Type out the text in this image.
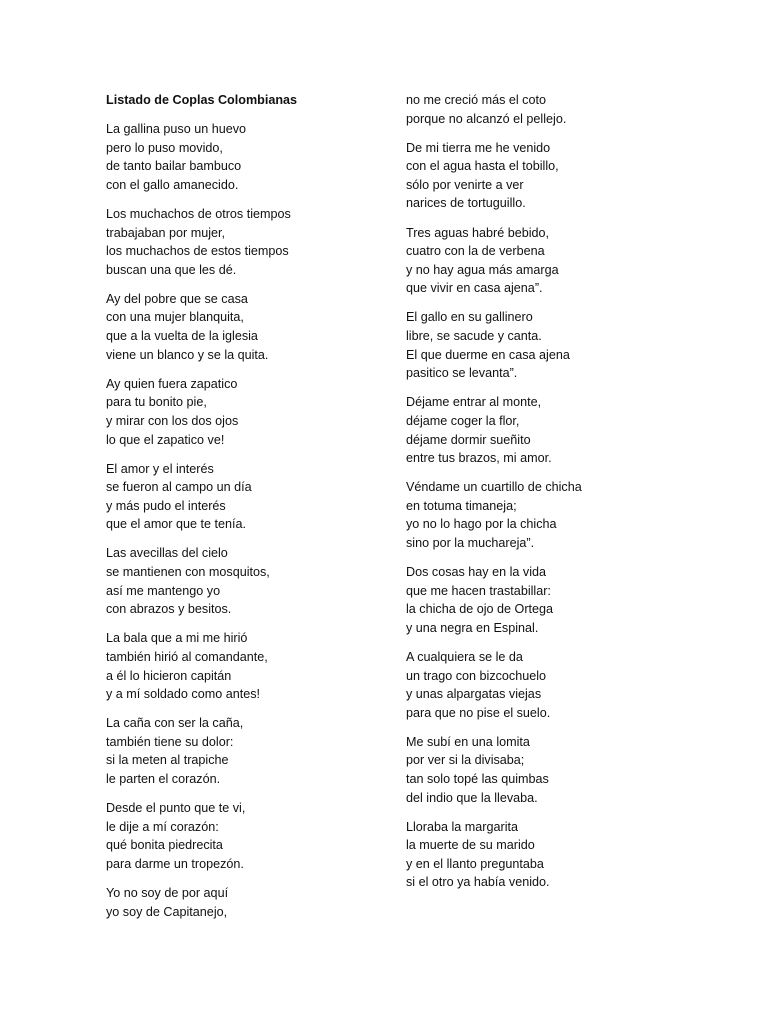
Listado de Coplas Colombianas
La gallina puso un huevo
pero lo puso movido,
de tanto bailar bambuco
con el gallo amanecido.
Los muchachos de otros tiempos
trabajaban por mujer,
los muchachos de estos tiempos
buscan una que les dé.
Ay del pobre que se casa
con una mujer blanquita,
que a la vuelta de la iglesia
viene un blanco y se la quita.
Ay quien fuera zapatico
para tu bonito pie,
y mirar con los dos ojos
lo que el zapatico ve!
El amor y el interés
se fueron al campo un día
y más pudo el interés
que el amor que te tenía.
Las avecillas del cielo
se mantienen con mosquitos,
así me mantengo yo
con abrazos y besitos.
La bala que a mi me hirió
también hirió al comandante,
a él lo hicieron capitán
y a mí soldado como antes!
La caña con ser la caña,
también tiene su dolor:
si la meten al trapiche
le parten el corazón.
Desde el punto que te vi,
le dije a mí corazón:
qué bonita piedrecita
para darme un tropezón.
Yo no soy de por aquí
yo soy de Capitanejo,
no me creció más el coto
porque no alcanzó el pellejo.
De mi tierra me he venido
con el agua hasta el tobillo,
sólo por venirte a ver
narices de tortuguillo.
Tres aguas habré bebido,
cuatro con la de verbena
y no hay agua más amarga
que vivir en casa ajena”.
El gallo en su gallinero
libre, se sacude y canta.
El que duerme en casa ajena
pasitico se levanta”.
Déjame entrar al monte,
déjame coger la flor,
déjame dormir sueñito
entre tus brazos, mi amor.
Véndame un cuartillo de chicha
en totuma timaneja;
yo no lo hago por la chicha
sino por la muchareja”.
Dos cosas hay en la vida
que me hacen trastabillar:
la chicha de ojo de Ortega
y una negra en Espinal.
A cualquiera se le da
un trago con bizcochuelo
y unas alpargatas viejas
para que no pise el suelo.
Me subí en una lomita
por ver si la divisaba;
tan solo topé las quimbas
del indio que la llevaba.
Lloraba la margarita
la muerte de su marido
y en el llanto preguntaba
si el otro ya había venido.
